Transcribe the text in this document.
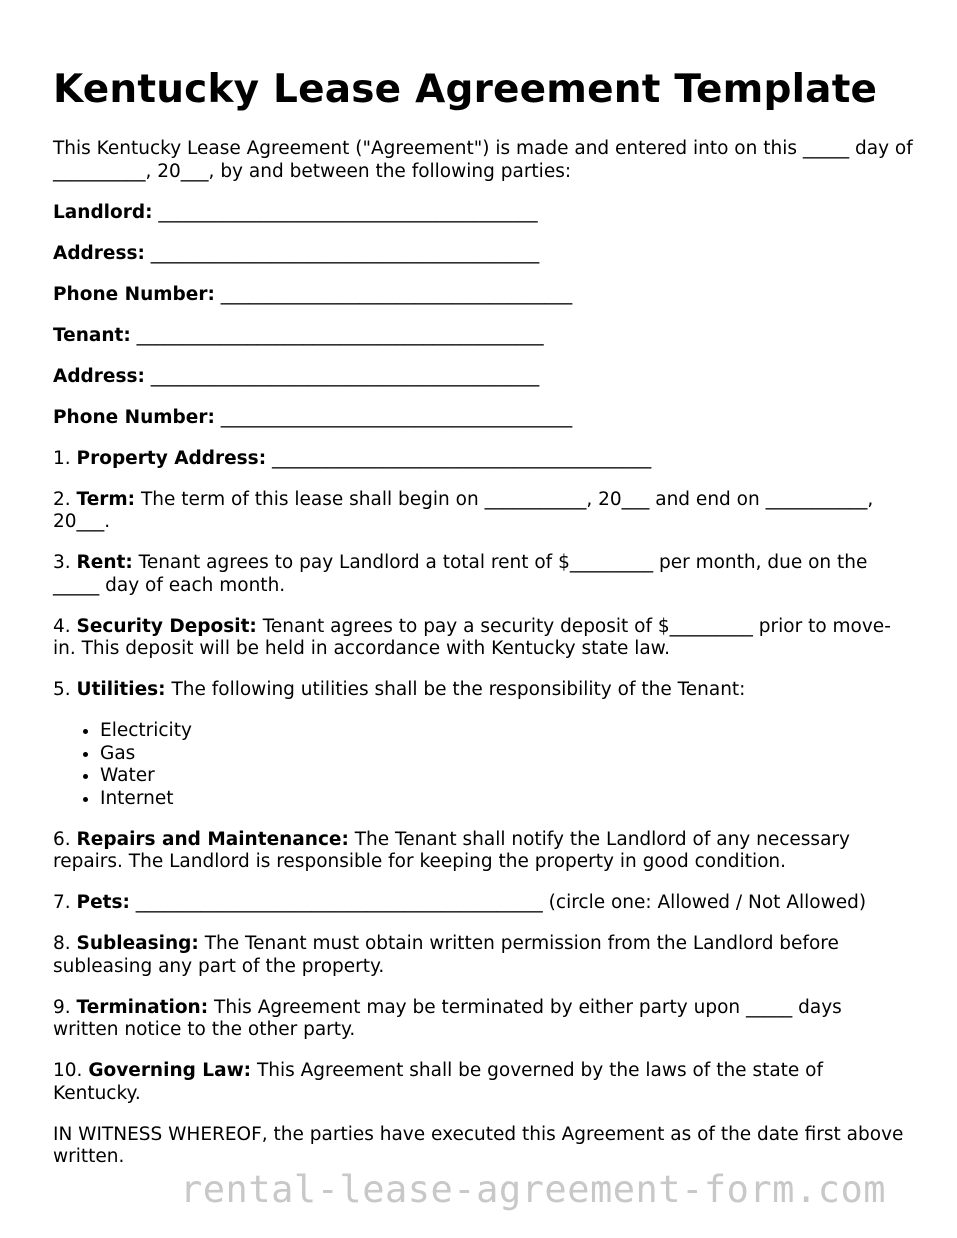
Kentucky Lease Agreement Template

This Kentucky Lease Agreement ("Agreement") is made and entered into on this _____ day of __________, 20___, by and between the following parties:

Landlord: _________________________________________

Address: __________________________________________

Phone Number: ______________________________________

Tenant: ____________________________________________

Address: __________________________________________

Phone Number: ______________________________________

1. Property Address: _________________________________________

2. Term: The term of this lease shall begin on ___________, 20___ and end on ___________, 20___.

3. Rent: Tenant agrees to pay Landlord a total rent of $_________ per month, due on the _____ day of each month.

4. Security Deposit: Tenant agrees to pay a security deposit of $_________ prior to move-in. This deposit will be held in accordance with Kentucky state law.

5. Utilities: The following utilities shall be the responsibility of the Tenant:

• Electricity
• Gas
• Water
• Internet

6. Repairs and Maintenance: The Tenant shall notify the Landlord of any necessary repairs. The Landlord is responsible for keeping the property in good condition.

7. Pets: ____________________________________________ (circle one: Allowed / Not Allowed)

8. Subleasing: The Tenant must obtain written permission from the Landlord before subleasing any part of the property.

9. Termination: This Agreement may be terminated by either party upon _____ days written notice to the other party.

10. Governing Law: This Agreement shall be governed by the laws of the state of Kentucky.

IN WITNESS WHEREOF, the parties have executed this Agreement as of the date first above written.

rental-lease-agreement-form.com
